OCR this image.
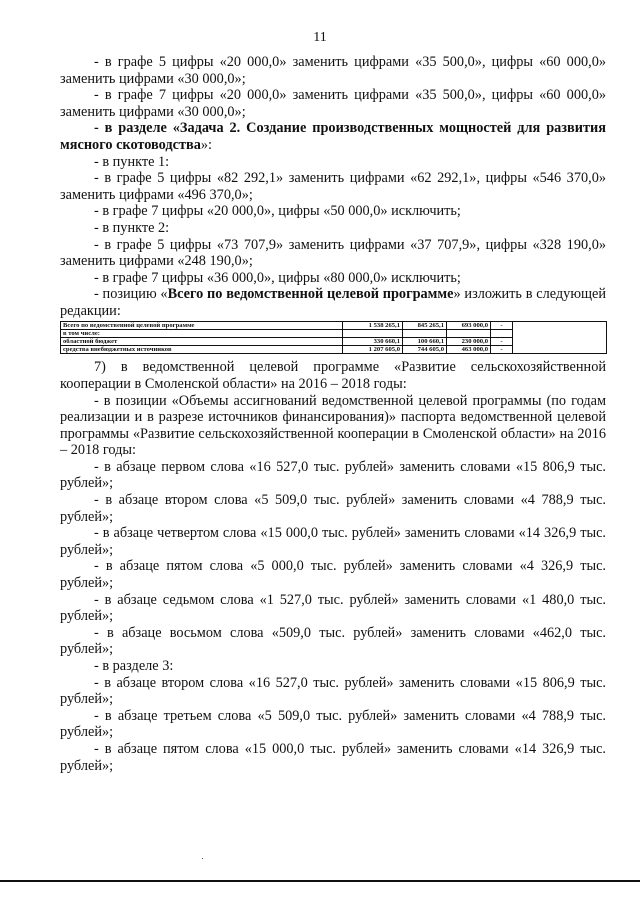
11

- в графе 5 цифры «20 000,0» заменить цифрами «35 500,0», цифры «60 000,0» заменить цифрами «30 000,0»;

- в графе 7 цифры «20 000,0» заменить цифрами «35 500,0», цифры «60 000,0» заменить цифрами «30 000,0»;

- в разделе «Задача 2. Создание производственных мощностей для развития мясного скотоводства»:

- в пункте 1:

- в графе 5 цифры «82 292,1» заменить цифрами «62 292,1», цифры «546 370,0» заменить цифрами «496 370,0»;

- в графе 7 цифры «20 000,0», цифры «50 000,0» исключить;

- в пункте 2:

- в графе 5 цифры «73 707,9» заменить цифрами «37 707,9», цифры «328 190,0» заменить цифрами «248 190,0»;

- в графе 7 цифры «36 000,0», цифры «80 000,0» исключить;

- позицию «Всего по ведомственной целевой программе» изложить в следующей редакции:

Всего по ведомственной целевой программе	1 538 265,1	845 265,1	693 000,0	-	
в том числе:					
областной бюджет	330 660,1	100 660,1	230 000,0	-	
средства внебюджетных источников	1 207 605,0	744 605,0	463 000,0	-	

7) в ведомственной целевой программе «Развитие сельскохозяйственной кооперации в Смоленской области» на 2016 – 2018 годы:

- в позиции «Объемы ассигнований ведомственной целевой программы (по годам реализации и в разрезе источников финансирования)» паспорта ведомственной целевой программы «Развитие сельскохозяйственной кооперации в Смоленской области» на 2016 – 2018 годы:

- в абзаце первом слова «16 527,0 тыс. рублей» заменить словами «15 806,9 тыс. рублей»;

- в абзаце втором слова «5 509,0 тыс. рублей» заменить словами «4 788,9 тыс. рублей»;

- в абзаце четвертом слова «15 000,0 тыс. рублей» заменить словами «14 326,9 тыс. рублей»;

- в абзаце пятом слова «5 000,0 тыс. рублей» заменить словами «4 326,9 тыс. рублей»;

- в абзаце седьмом слова «1 527,0 тыс. рублей» заменить словами «1 480,0 тыс. рублей»;

- в абзаце восьмом слова «509,0 тыс. рублей» заменить словами «462,0 тыс. рублей»;

- в разделе 3:

- в абзаце втором слова «16 527,0 тыс. рублей» заменить словами «15 806,9 тыс. рублей»;

- в абзаце третьем слова «5 509,0 тыс. рублей» заменить словами «4 788,9 тыс. рублей»;

- в абзаце пятом слова «15 000,0 тыс. рублей» заменить словами «14 326,9 тыс. рублей»;
